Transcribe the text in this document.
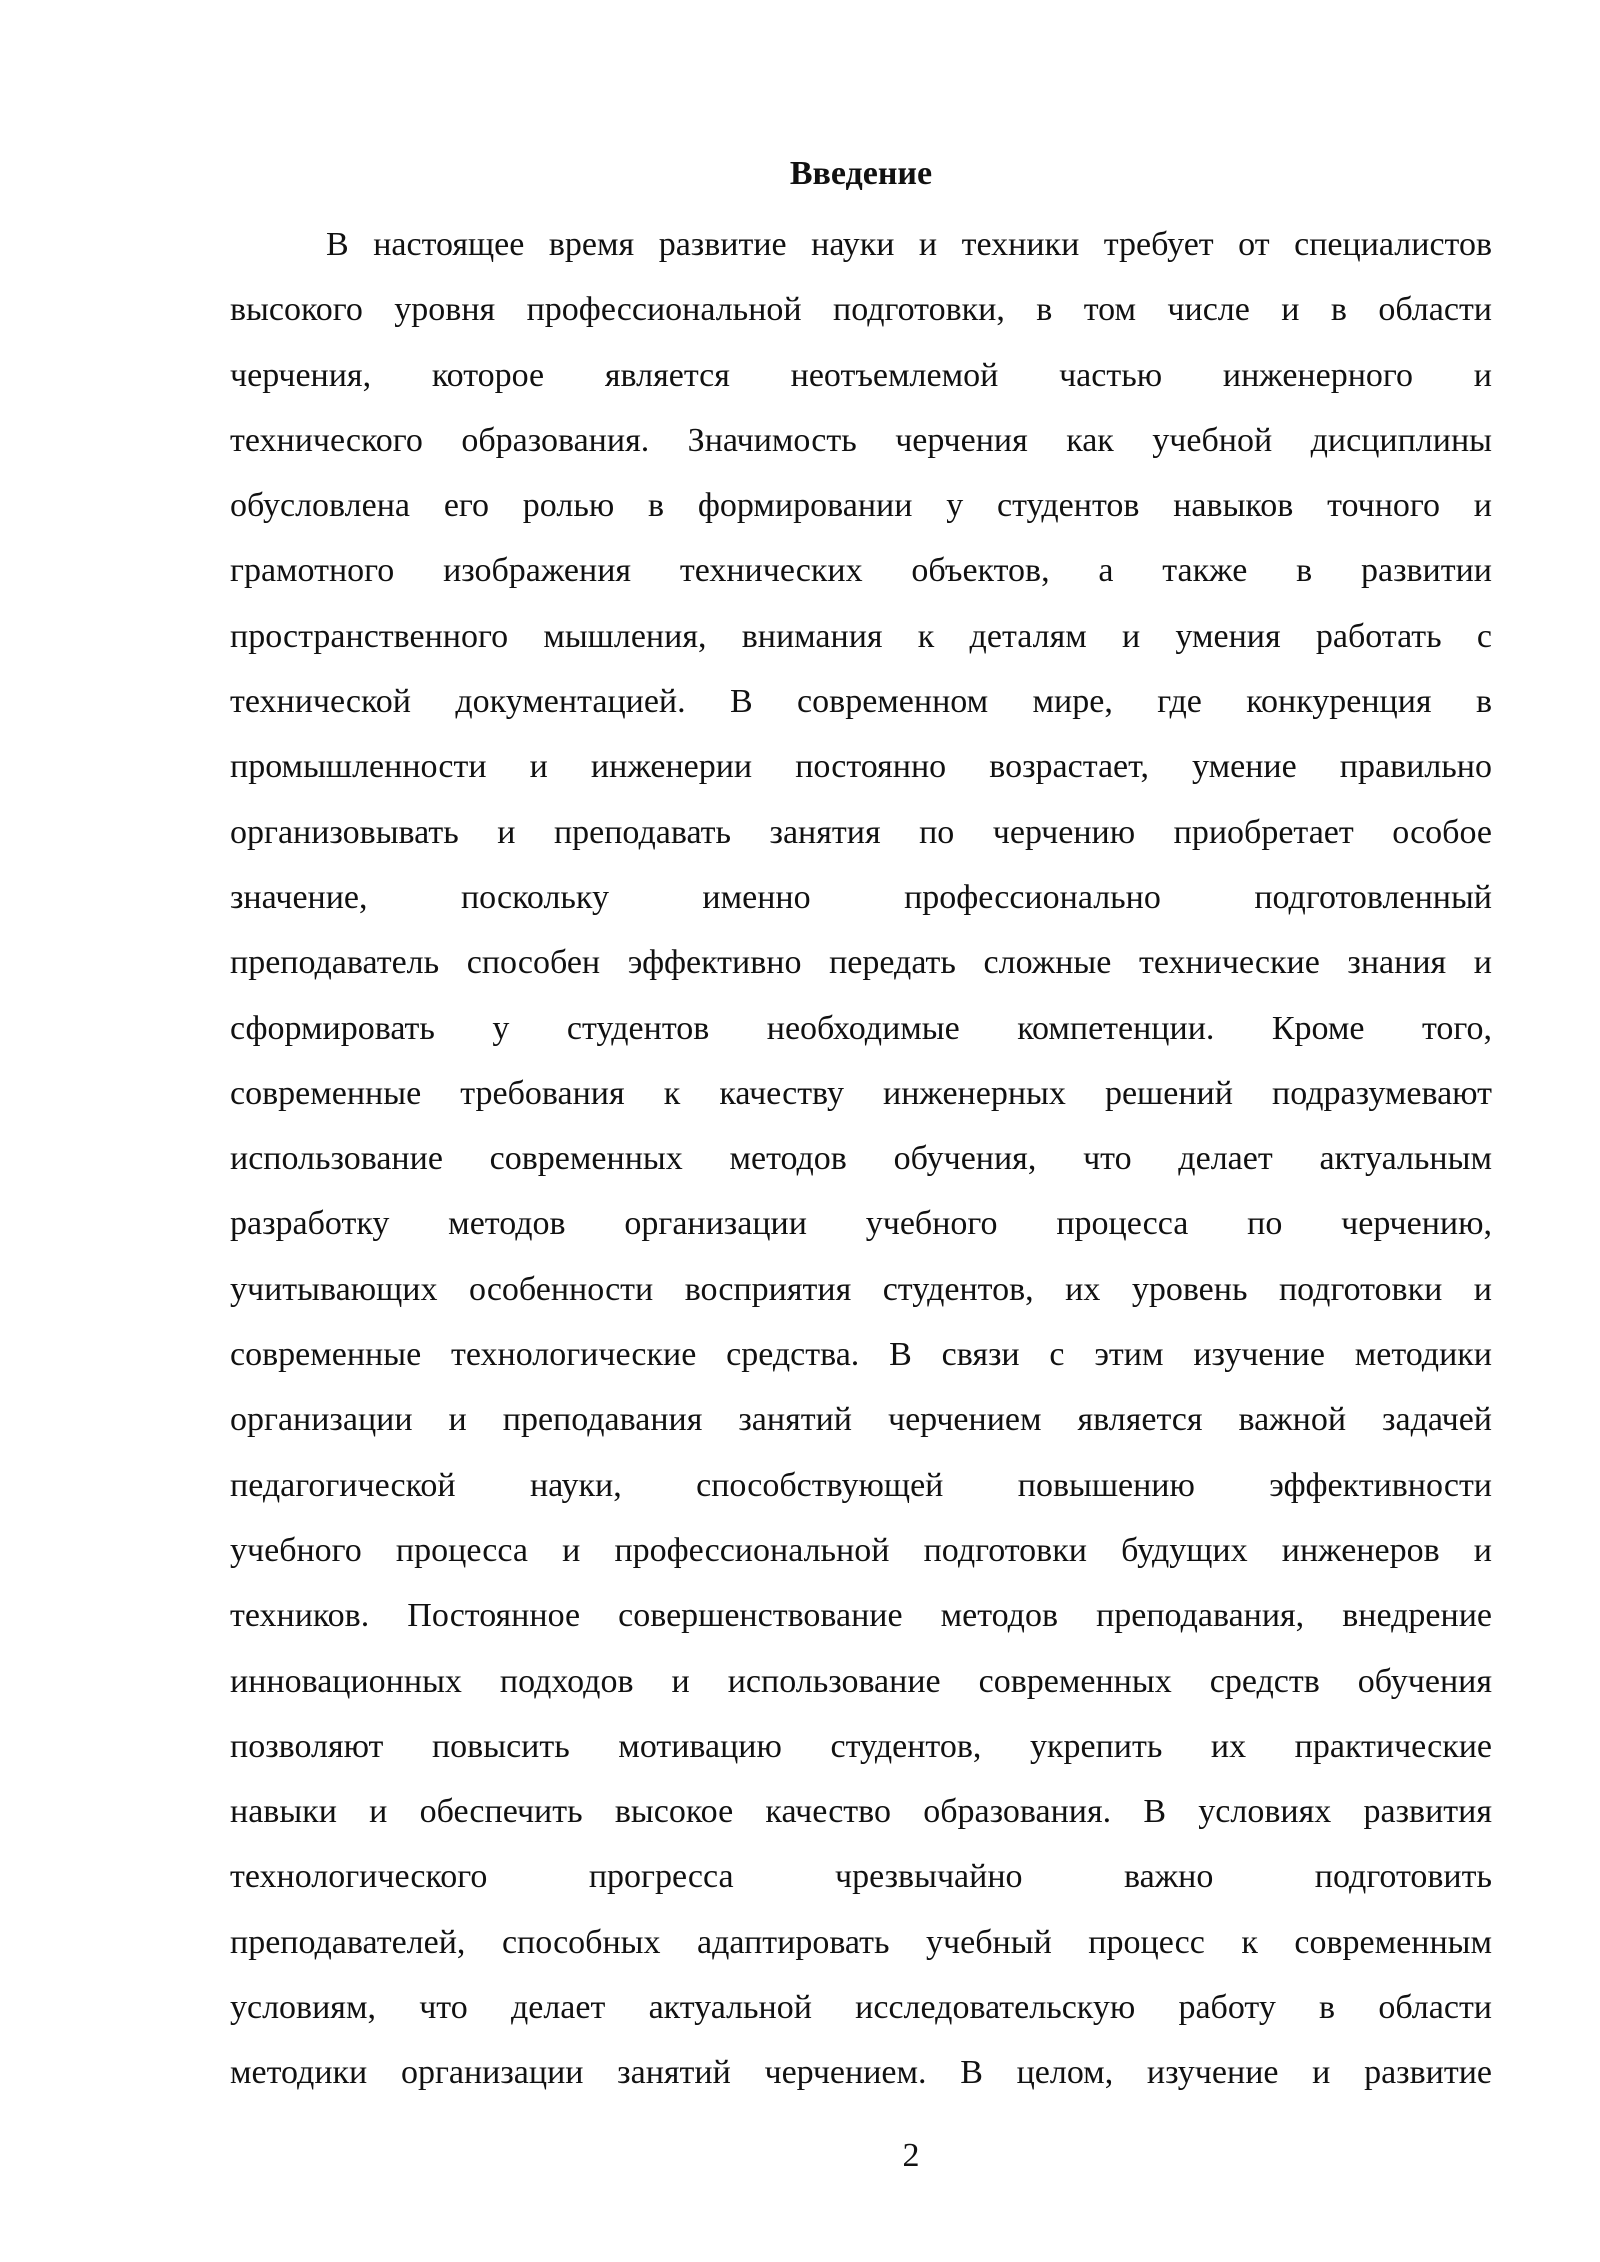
Введение
В настоящее время развитие науки и техники требует от специалистов
высокого уровня профессиональной подготовки, в том числе и в области
черчения, которое является неотъемлемой частью инженерного и
технического образования. Значимость черчения как учебной дисциплины
обусловлена его ролью в формировании у студентов навыков точного и
грамотного изображения технических объектов, а также в развитии
пространственного мышления, внимания к деталям и умения работать с
технической документацией. В современном мире, где конкуренция в
промышленности и инженерии постоянно возрастает, умение правильно
организовывать и преподавать занятия по черчению приобретает особое
значение, поскольку именно профессионально подготовленный
преподаватель способен эффективно передать сложные технические знания и
сформировать у студентов необходимые компетенции. Кроме того,
современные требования к качеству инженерных решений подразумевают
использование современных методов обучения, что делает актуальным
разработку методов организации учебного процесса по черчению,
учитывающих особенности восприятия студентов, их уровень подготовки и
современные технологические средства. В связи с этим изучение методики
организации и преподавания занятий черчением является важной задачей
педагогической науки, способствующей повышению эффективности
учебного процесса и профессиональной подготовки будущих инженеров и
техников. Постоянное совершенствование методов преподавания, внедрение
инновационных подходов и использование современных средств обучения
позволяют повысить мотивацию студентов, укрепить их практические
навыки и обеспечить высокое качество образования. В условиях развития
технологического прогресса чрезвычайно важно подготовить
преподавателей, способных адаптировать учебный процесс к современным
условиям, что делает актуальной исследовательскую работу в области
методики организации занятий черчением. В целом, изучение и развитие
2
